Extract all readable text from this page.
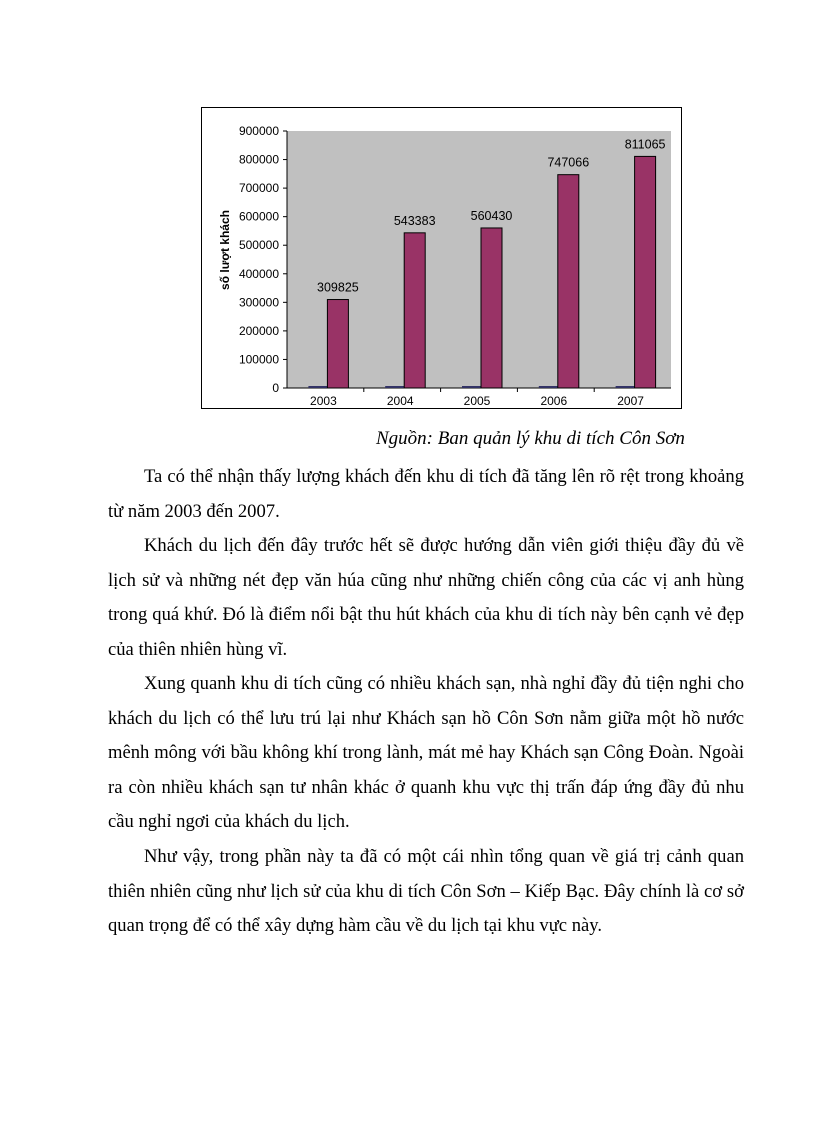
0
100000
200000
300000
400000
500000
600000
700000
800000
900000
309825
543383	560430
747066
811065
2003	2004	2005	2006	2007
số lượt khách
Nguồn: Ban quản lý khu di tích Côn Sơn

Ta có thể nhận thấy lượng khách đến khu di tích đã tăng lên rõ rệt trong khoảng từ năm 2003 đến 2007.

Khách du lịch đến đây trước hết sẽ được hướng dẫn viên giới thiệu đầy đủ về lịch sử và những nét đẹp văn húa cũng như những chiến công của các vị anh hùng trong quá khứ. Đó là điểm nổi bật thu hút khách của khu di tích này bên cạnh vẻ đẹp của thiên nhiên hùng vĩ.

Xung quanh khu di tích cũng có nhiều khách sạn, nhà nghỉ đầy đủ tiện nghi cho khách du lịch có thể lưu trú lại như Khách sạn hồ Côn Sơn nằm giữa một hồ nước mênh mông với bầu không khí trong lành, mát mẻ hay Khách sạn Công Đoàn. Ngoài ra còn nhiều khách sạn tư nhân khác ở quanh khu vực thị trấn đáp ứng đầy đủ nhu cầu nghỉ ngơi của khách du lịch.

Như vậy, trong phần này ta đã có một cái nhìn tổng quan về giá trị cảnh quan thiên nhiên cũng như lịch sử của khu di tích Côn Sơn – Kiếp Bạc. Đây chính là cơ sở quan trọng để có thể xây dựng hàm cầu về du lịch tại khu vực này.
